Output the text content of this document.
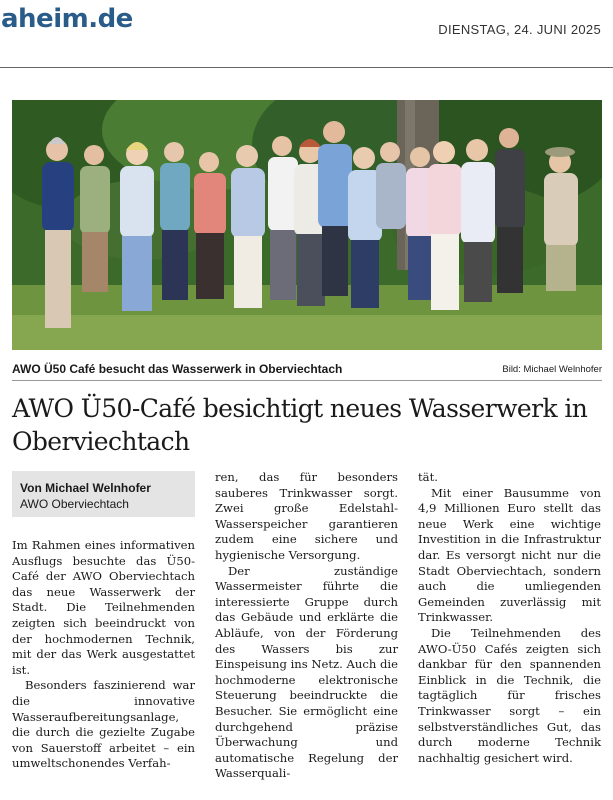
aheim.de	DIENSTAG, 24. JUNI 2025
AWO Ü50 Café besucht das Wasserwerk in Oberviechtach	Bild: Michael Welnhofer
AWO Ü50-Café besichtigt neues Wasserwerk in Oberviechtach
Von Michael Welnhofer
AWO Oberviechtach

Im Rahmen eines informativen Ausflugs besuchte das Ü50-Café der AWO Oberviechtach das neue Wasserwerk der Stadt. Die Teilnehmenden zeigten sich beeindruckt von der hochmodernen Technik, mit der das Werk ausgestattet ist.

Besonders faszinierend war die innovative Wasseraufbereitungsanlage, die durch die gezielte Zugabe von Sauerstoff arbeitet – ein umweltschonendes Verfah-

ren, das für besonders sauberes Trinkwasser sorgt. Zwei große Edelstahl-Wasserspeicher garantieren zudem eine sichere und hygienische Versorgung.

Der zuständige Wassermeister führte die interessierte Gruppe durch das Gebäude und erklärte die Abläufe, von der Förderung des Wassers bis zur Einspeisung ins Netz. Auch die hochmoderne elektronische Steuerung beeindruckte die Besucher. Sie ermöglicht eine durchgehend präzise Überwachung und automatische Regelung der Wasserquali-

tät.

Mit einer Bausumme von 4,9 Millionen Euro stellt das neue Werk eine wichtige Investition in die Infrastruktur dar. Es versorgt nicht nur die Stadt Oberviechtach, sondern auch die umliegenden Gemeinden zuverlässig mit Trinkwasser.

Die Teilnehmenden des AWO-Ü50 Cafés zeigten sich dankbar für den spannenden Einblick in die Technik, die tagtäglich für frisches Trinkwasser sorgt – ein selbstverständliches Gut, das durch moderne Technik nachhaltig gesichert wird.
